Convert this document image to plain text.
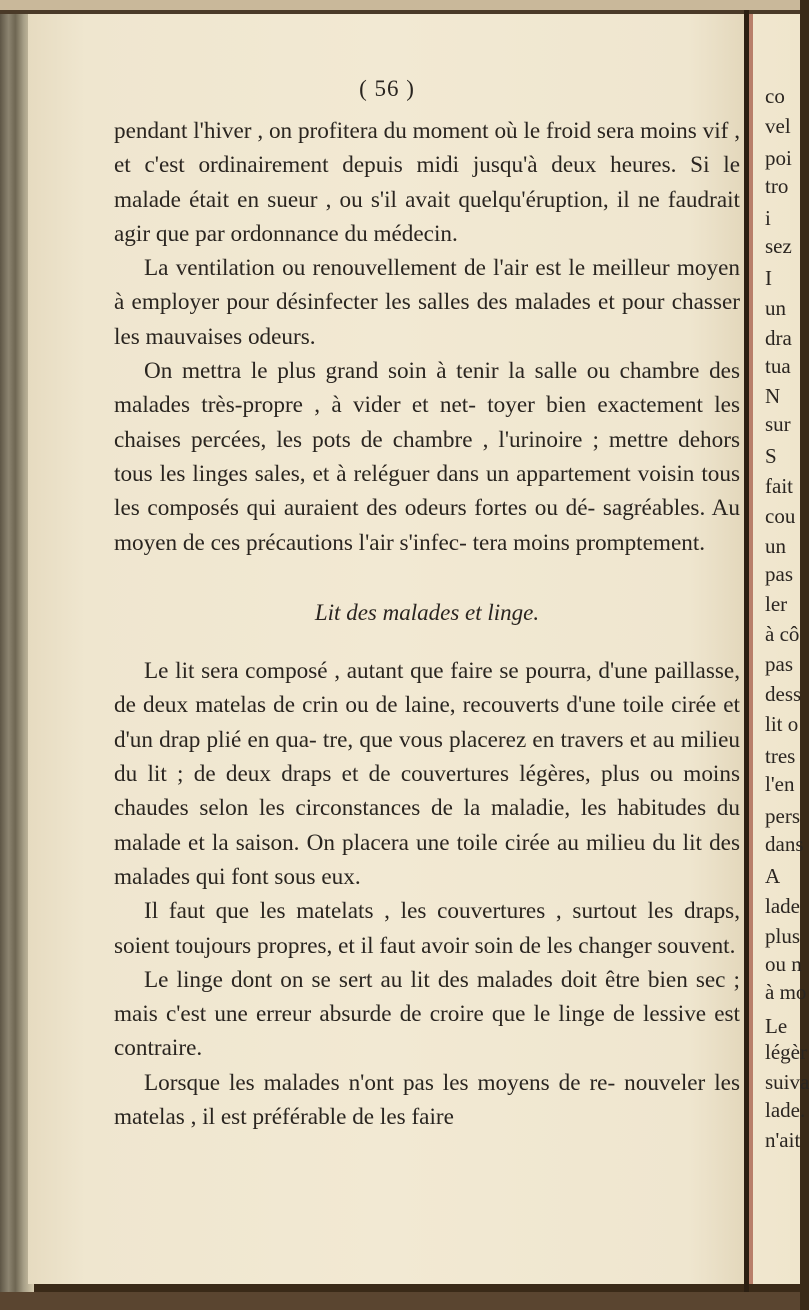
( 56 )

pendant l'hiver , on profitera du moment où le froid sera moins vif , et c'est ordinairement depuis midi jusqu'à deux heures. Si le malade était en sueur , ou s'il avait quelqu'éruption, il ne faudrait agir que par ordonnance du médecin.

La ventilation ou renouvellement de l'air est le meilleur moyen à employer pour désinfecter les salles des malades et pour chasser les mauvaises odeurs.

On mettra le plus grand soin à tenir la salle ou chambre des malades très-propre , à vider et net- toyer bien exactement les chaises percées, les pots de chambre , l'urinoire ; mettre dehors tous les linges sales, et à reléguer dans un appartement voisin tous les composés qui auraient des odeurs fortes ou dé- sagréables. Au moyen de ces précautions l'air s'infec- tera moins promptement.

Lit des malades et linge.

Le lit sera composé , autant que faire se pourra, d'une paillasse, de deux matelas de crin ou de laine, recouverts d'une toile cirée et d'un drap plié en qua- tre, que vous placerez en travers et au milieu du lit ; de deux draps et de couvertures légères, plus ou moins chaudes selon les circonstances de la maladie, les habitudes du malade et la saison. On placera une toile cirée au milieu du lit des malades qui font sous eux.

Il faut que les matelats , les couvertures , surtout les draps, soient toujours propres, et il faut avoir soin de les changer souvent.

Le linge dont on se sert au lit des malades doit être bien sec ; mais c'est une erreur absurde de croire que le linge de lessive est contraire.

Lorsque les malades n'ont pas les moyens de re- nouveler les matelas , il est préférable de les faire

co
vel
poi
tro
i
sez
I
un
dra
tua
N
sur
S
fait
cou
un
pas
ler
à cô
pas
dess
lit o
tres
l'en
pers
dans
A
lade
plus
ou n
à mo
Le
légèr
suiva
lade.
n'ait
